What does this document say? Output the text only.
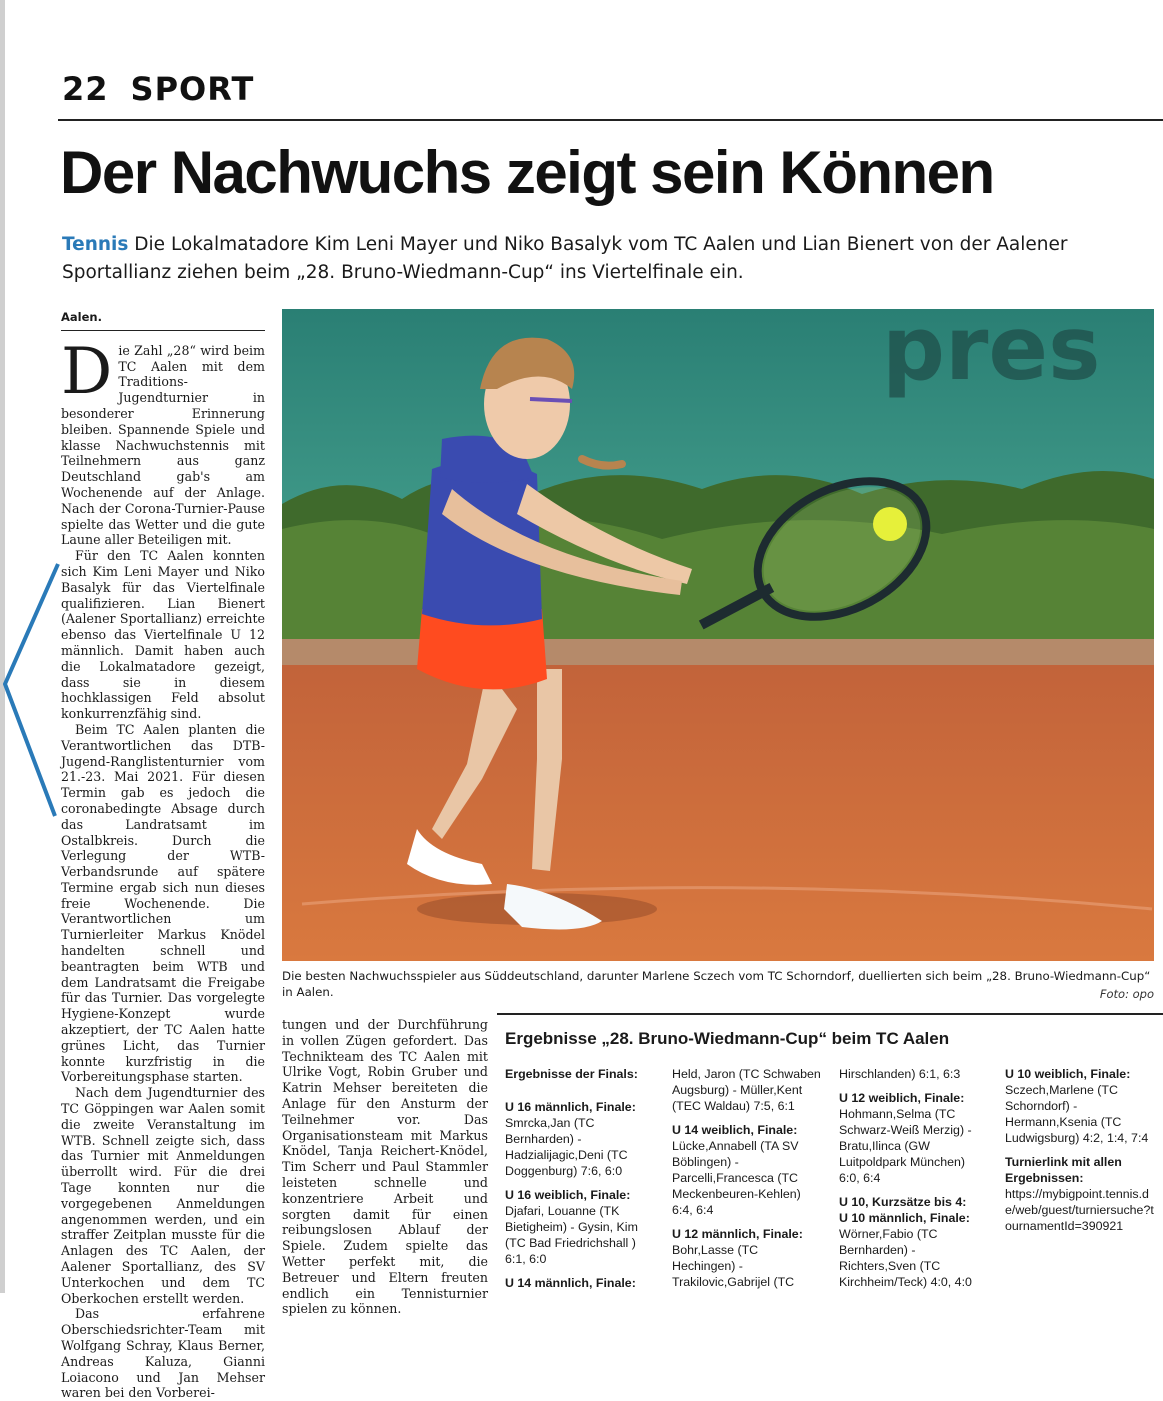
22 SPORT
Der Nachwuchs zeigt sein Können
Tennis Die Lokalmatadore Kim Leni Mayer und Niko Basalyk vom TC Aalen und Lian Bienert von der Aalener Sportallianz ziehen beim „28. Bruno-Wiedmann-Cup“ ins Viertelfinale ein.
Aalen.

Die Zahl „28“ wird beim TC Aalen mit dem Traditions-Jugendturnier in besonderer Erinnerung bleiben. Spannende Spiele und klasse Nachwuchstennis mit Teilnehmern aus ganz Deutschland gab's am Wochenende auf der Anlage. Nach der Corona-Turnier-Pause spielte das Wetter und die gute Laune aller Beteiligen mit.

Für den TC Aalen konnten sich Kim Leni Mayer und Niko Basalyk für das Viertelfinale qualifizieren. Lian Bienert (Aalener Sportallianz) erreichte ebenso das Viertelfinale U 12 männlich. Damit haben auch die Lokalmatadore gezeigt, dass sie in diesem hochklassigen Feld absolut konkurrenzfähig sind.

Beim TC Aalen planten die Verantwortlichen das DTB-Jugend-Ranglistenturnier vom 21.-23. Mai 2021. Für diesen Termin gab es jedoch die coronabedingte Absage durch das Landratsamt im Ostalbkreis. Durch die Verlegung der WTB-Verbandsrunde auf spätere Termine ergab sich nun dieses freie Wochenende. Die Verantwortlichen um Turnierleiter Markus Knödel handelten schnell und beantragten beim WTB und dem Landratsamt die Freigabe für das Turnier. Das vorgelegte Hygiene-Konzept wurde akzeptiert, der TC Aalen hatte grünes Licht, das Turnier konnte kurzfristig in die Vorbereitungsphase starten.

Nach dem Jugendturnier des TC Göppingen war Aalen somit die zweite Veranstaltung im WTB. Schnell zeigte sich, dass das Turnier mit Anmeldungen überrollt wird. Für die drei Tage konnten nur die vorgegebenen Anmeldungen angenommen werden, und ein straffer Zeitplan musste für die Anlagen des TC Aalen, der Aalener Sportallianz, des SV Unterkochen und dem TC Oberkochen erstellt werden.

Das erfahrene Oberschiedsrichter-Team mit Wolfgang Schray, Klaus Berner, Andreas Kaluza, Gianni Loiacono und Jan Mehser waren bei den Vorberei-

pres
Die besten Nachwuchsspieler aus Süddeutschland, darunter Marlene Sczech vom TC Schorndorf, duellierten sich beim „28. Bruno-Wiedmann-Cup“ in Aalen.	Foto: opo

tungen und der Durchführung in vollen Zügen gefordert. Das Technikteam des TC Aalen mit Ulrike Vogt, Robin Gruber und Katrin Mehser bereiteten die Anlage für den Ansturm der Teilnehmer vor. Das Organisationsteam mit Markus Knödel, Tanja Reichert-Knödel, Tim Scherr und Paul Stammler leisteten schnelle und konzentriere Arbeit und sorgten damit für einen reibungslosen Ablauf der Spiele. Zudem spielte das Wetter perfekt mit, die Betreuer und Eltern freuten endlich ein Tennisturnier spielen zu können.

Ergebnisse „28. Bruno-Wiedmann-Cup“ beim TC Aalen
Ergebnisse der Finals:
U 16 männlich, Finale:
Smrcka,Jan (TC Bernharden) - Hadzialijagic,Deni (TC Doggenburg) 7:6, 6:0
U 16 weiblich, Finale:
Djafari, Louanne (TK Bietigheim) - Gysin, Kim (TC Bad Friedrichshall ) 6:1, 6:0
U 14 männlich, Finale:
Held, Jaron (TC Schwaben Augsburg) - Müller,Kent (TEC Waldau) 7:5, 6:1
U 14 weiblich, Finale:
Lücke,Annabell (TA SV Böblingen) - Parcelli,Francesca (TC Meckenbeuren-Kehlen) 6:4, 6:4
U 12 männlich, Finale:
Bohr,Lasse (TC Hechingen) - Trakilovic,Gabrijel (TC
Hirschlanden) 6:1, 6:3
U 12 weiblich, Finale:
Hohmann,Selma (TC Schwarz-Weiß Merzig) - Bratu,Ilinca (GW Luitpoldpark München) 6:0, 6:4
U 10, Kurzsätze bis 4:
U 10 männlich, Finale:
Wörner,Fabio (TC Bernharden) - Richters,Sven (TC Kirchheim/Teck) 4:0, 4:0
U 10 weiblich, Finale:
Sczech,Marlene (TC Schorndorf) - Hermann,Ksenia (TC Ludwigsburg) 4:2, 1:4, 7:4
Turnierlink mit allen Ergebnissen:
https://mybigpoint.tennis.de/web/guest/turniersuche?tournamentId=390921
